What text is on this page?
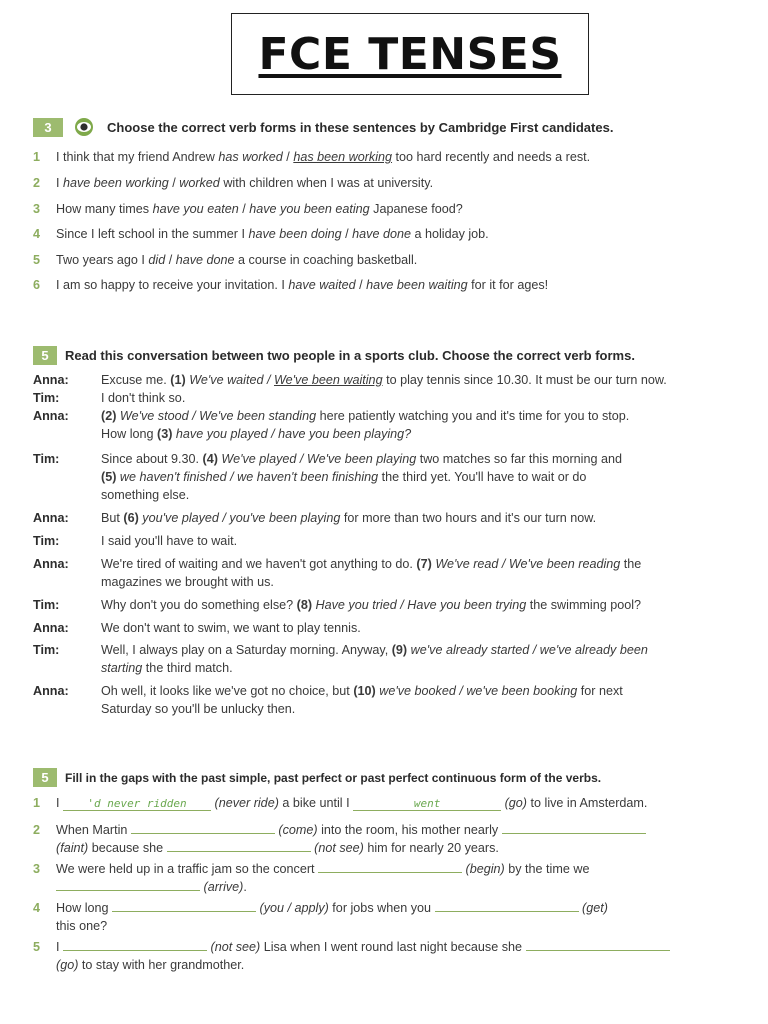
FCE TENSES
3	Choose the correct verb forms in these sentences by Cambridge First candidates.
1 I think that my friend Andrew has worked / has been working too hard recently and needs a rest.
2 I have been working / worked with children when I was at university.
3 How many times have you eaten / have you been eating Japanese food?
4 Since I left school in the summer I have been doing / have done a holiday job.
5 Two years ago I did / have done a course in coaching basketball.
6 I am so happy to receive your invitation. I have waited / have been waiting for it for ages!
5	Read this conversation between two people in a sports club. Choose the correct verb forms.
Anna:	Excuse me. (1) We've waited / We've been waiting to play tennis since 10.30. It must be our turn now.
Tim:	I don't think so.
Anna:	(2) We've stood / We've been standing here patiently watching you and it's time for you to stop.
How long (3) have you played / have you been playing?
Tim:	Since about 9.30. (4) We've played / We've been playing two matches so far this morning and
(5) we haven't finished / we haven't been finishing the third yet. You'll have to wait or do
something else.
Anna:	But (6) you've played / you've been playing for more than two hours and it's our turn now.
Tim:	I said you'll have to wait.
Anna:	We're tired of waiting and we haven't got anything to do. (7) We've read / We've been reading the
magazines we brought with us.
Tim:	Why don't you do something else? (8) Have you tried / Have you been trying the swimming pool?
Anna:	We don't want to swim, we want to play tennis.
Tim:	Well, I always play on a Saturday morning. Anyway, (9) we've already started / we've already been
starting the third match.
Anna:	Oh well, it looks like we've got no choice, but (10) we've booked / we've been booking for next
Saturday so you'll be unlucky then.
5	Fill in the gaps with the past simple, past perfect or past perfect continuous form of the verbs.
1 I 'd never ridden (never ride) a bike until I	went	(go) to live in Amsterdam.
2 When Martin	(come) into the room, his mother nearly
(faint) because she	(not see) him for nearly 20 years.
3 We were held up in a traffic jam so the concert	(begin) by the time we
(arrive).
4 How long	(you / apply) for jobs when you	(get)
this one?
5 I	(not see) Lisa when I went round last night because she
(go) to stay with her grandmother.
